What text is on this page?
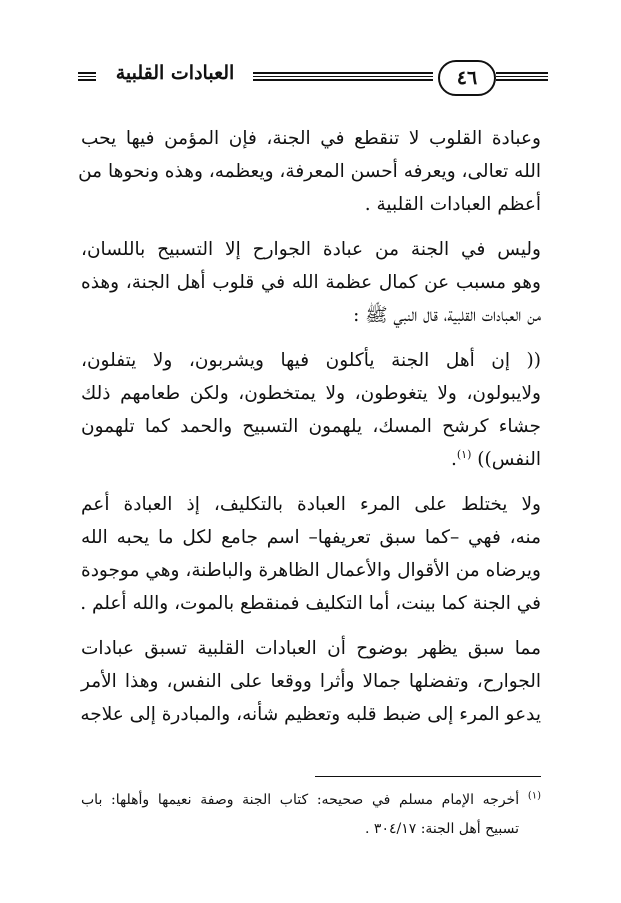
العبادات القلبية	٤٦

وعبادة القلوب لا تنقطع في الجنة، فإن المؤمن فيها يحب
الله تعالى، ويعرفه أحسن المعرفة، ويعظمه، وهذه ونحوها من
أعظم العبادات القلبية .

وليس في الجنة من عبادة الجوارح إلا التسبيح باللسان،
وهو مسبب عن كمال عظمة الله في قلوب أهل الجنة، وهذه
من العبادات القلبية، قال النبي ﷺ :

(( إن أهل الجنة يأكلون فيها ويشربون، ولا يتفلون،
ولايبولون، ولا يتغوطون، ولا يمتخطون، ولكن طعامهم ذلك
جشاء كرشح المسك، يلهمون التسبيح والحمد كما تلهمون
النفس)) $^{(١)}$.

ولا يختلط على المرء العبادة بالتكليف، إذ العبادة أعم
منه، فهي –كما سبق تعريفها– اسم جامع لكل ما يحبه الله
ويرضاه من الأقوال والأعمال الظاهرة والباطنة، وهي موجودة
في الجنة كما بينت، أما التكليف فمنقطع بالموت، والله أعلم .

مما سبق يظهر بوضوح أن العبادات القلبية تسبق عبادات
الجوارح، وتفضلها جمالا وأثرا ووقعا على النفس، وهذا الأمر
يدعو المرء إلى ضبط قلبه وتعظيم شأنه، والمبادرة إلى علاجه

$^{(١)}$ أخرجه الإمام مسلم في صحيحه: كتاب الجنة وصفة نعيمها وأهلها: باب
تسبيح أهل الجنة: ٣٠٤/١٧ .
